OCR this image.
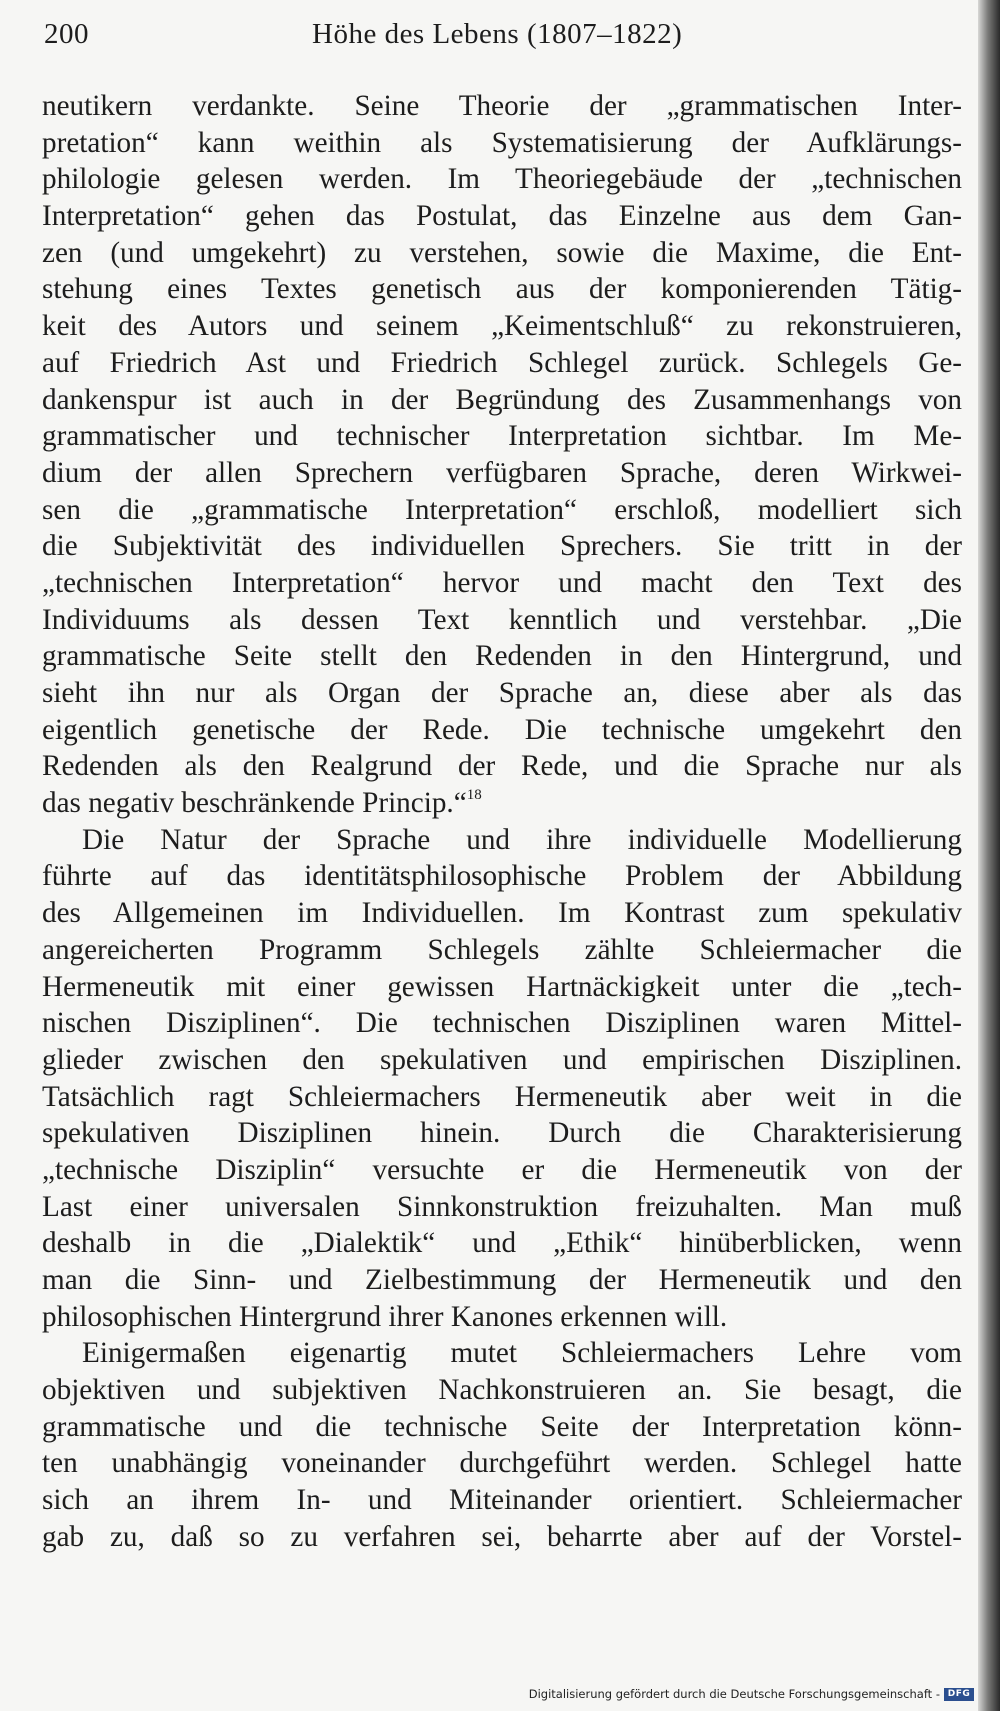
200	Höhe des Lebens (1807–1822)
neutikern verdankte. Seine Theorie der „grammatischen Inter-
pretation“ kann weithin als Systematisierung der Aufklärungs-
philologie gelesen werden. Im Theoriegebäude der „technischen
Interpretation“ gehen das Postulat, das Einzelne aus dem Gan-
zen (und umgekehrt) zu verstehen, sowie die Maxime, die Ent-
stehung eines Textes genetisch aus der komponierenden Tätig-
keit des Autors und seinem „Keimentschluß“ zu rekonstruieren,
auf Friedrich Ast und Friedrich Schlegel zurück. Schlegels Ge-
dankenspur ist auch in der Begründung des Zusammenhangs von
grammatischer und technischer Interpretation sichtbar. Im Me-
dium der allen Sprechern verfügbaren Sprache, deren Wirkwei-
sen die „grammatische Interpretation“ erschloß, modelliert sich
die Subjektivität des individuellen Sprechers. Sie tritt in der
„technischen Interpretation“ hervor und macht den Text des
Individuums als dessen Text kenntlich und verstehbar. „Die
grammatische Seite stellt den Redenden in den Hintergrund, und
sieht ihn nur als Organ der Sprache an, diese aber als das
eigentlich genetische der Rede. Die technische umgekehrt den
Redenden als den Realgrund der Rede, und die Sprache nur als
das negativ beschränkende Princip.“$^{18}$
Die Natur der Sprache und ihre individuelle Modellierung
führte auf das identitätsphilosophische Problem der Abbildung
des Allgemeinen im Individuellen. Im Kontrast zum spekulativ
angereicherten Programm Schlegels zählte Schleiermacher die
Hermeneutik mit einer gewissen Hartnäckigkeit unter die „tech-
nischen Disziplinen“. Die technischen Disziplinen waren Mittel-
glieder zwischen den spekulativen und empirischen Disziplinen.
Tatsächlich ragt Schleiermachers Hermeneutik aber weit in die
spekulativen Disziplinen hinein. Durch die Charakterisierung
„technische Disziplin“ versuchte er die Hermeneutik von der
Last einer universalen Sinnkonstruktion freizuhalten. Man muß
deshalb in die „Dialektik“ und „Ethik“ hinüberblicken, wenn
man die Sinn- und Zielbestimmung der Hermeneutik und den
philosophischen Hintergrund ihrer Kanones erkennen will.
Einigermaßen eigenartig mutet Schleiermachers Lehre vom
objektiven und subjektiven Nachkonstruieren an. Sie besagt, die
grammatische und die technische Seite der Interpretation könn-
ten unabhängig voneinander durchgeführt werden. Schlegel hatte
sich an ihrem In- und Miteinander orientiert. Schleiermacher
gab zu, daß so zu verfahren sei, beharrte aber auf der Vorstel-
Digitalisierung gefördert durch die Deutsche Forschungsgemeinschaft - DFG
